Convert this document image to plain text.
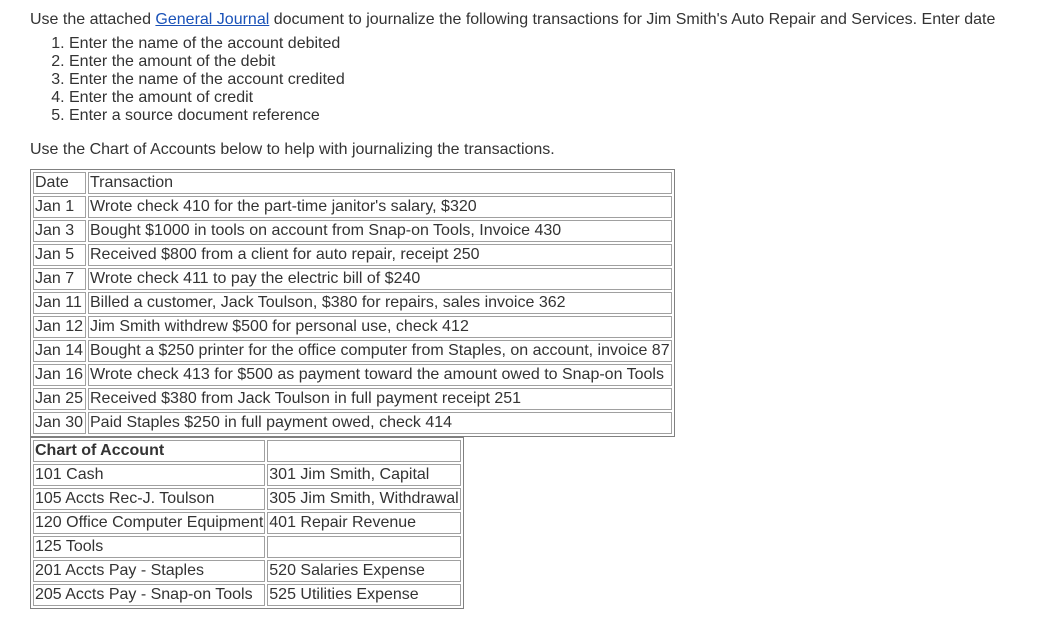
Use the attached General Journal document to journalize the following transactions for Jim Smith's Auto Repair and Services. Enter date

1. Enter the name of the account debited
2. Enter the amount of the debit
3. Enter the name of the account credited
4. Enter the amount of credit
5. Enter a source document reference

Use the Chart of Accounts below to help with journalizing the transactions.

Date	Transaction
Jan 1	Wrote check 410 for the part-time janitor's salary, $320
Jan 3	Bought $1000 in tools on account from Snap-on Tools, Invoice 430
Jan 5	Received $800 from a client for auto repair, receipt 250
Jan 7	Wrote check 411 to pay the electric bill of $240
Jan 11	Billed a customer, Jack Toulson, $380 for repairs, sales invoice 362
Jan 12	Jim Smith withdrew $500 for personal use, check 412
Jan 14	Bought a $250 printer for the office computer from Staples, on account, invoice 87
Jan 16	Wrote check 413 for $500 as payment toward the amount owed to Snap-on Tools
Jan 25	Received $380 from Jack Toulson in full payment receipt 251
Jan 30	Paid Staples $250 in full payment owed, check 414
Chart of Account	
101 Cash	301 Jim Smith, Capital
105 Accts Rec-J. Toulson	305 Jim Smith, Withdrawal
120 Office Computer Equipment	401 Repair Revenue
125 Tools	
201 Accts Pay - Staples	520 Salaries Expense
205 Accts Pay - Snap-on Tools	525 Utilities Expense
